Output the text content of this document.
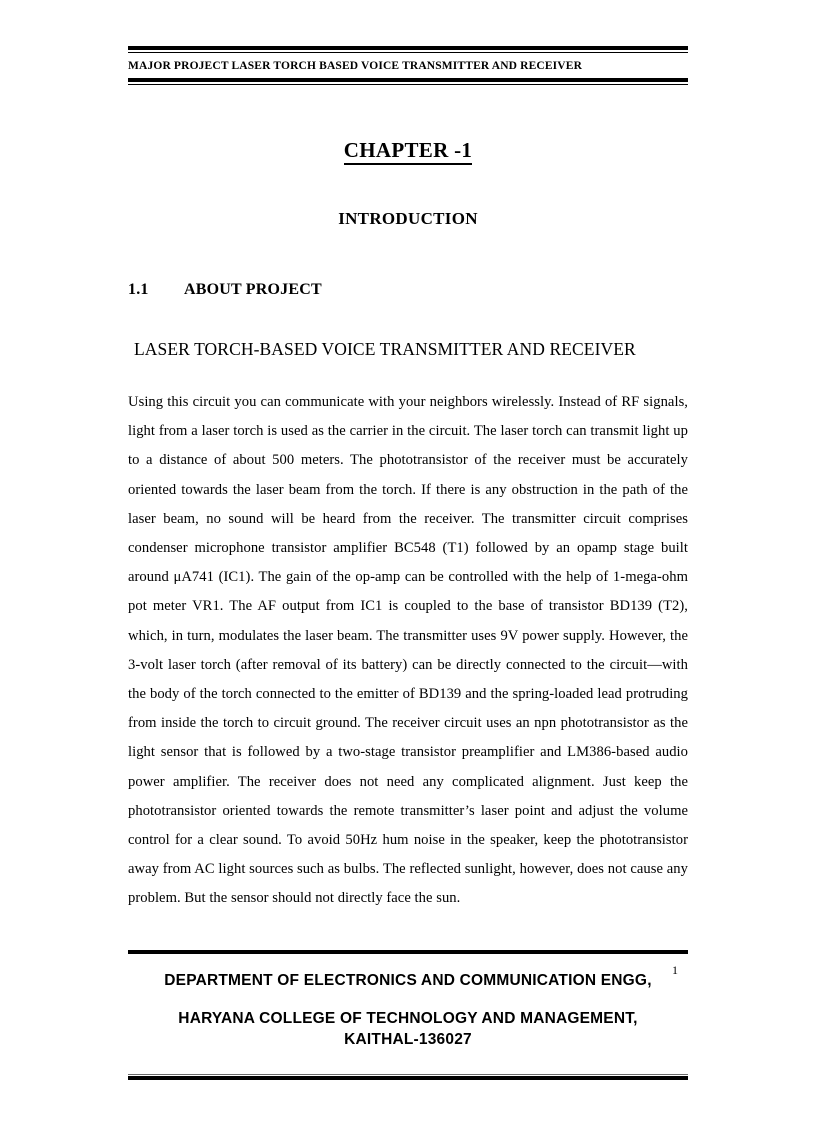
MAJOR PROJECT LASER TORCH BASED VOICE TRANSMITTER AND RECEIVER
CHAPTER -1
INTRODUCTION
1.1	ABOUT PROJECT
LASER TORCH-BASED VOICE TRANSMITTER AND RECEIVER
Using this circuit you can communicate with your neighbors wirelessly. Instead of RF signals, light from a laser torch is used as the carrier in the circuit. The laser torch can transmit light up to a distance of about 500 meters. The phototransistor of the receiver must be accurately oriented towards the laser beam from the torch. If there is any obstruction in the path of the laser beam, no sound will be heard from the receiver. The transmitter circuit comprises condenser microphone transistor amplifier BC548 (T1) followed by an opamp stage built around μA741 (IC1). The gain of the op-amp can be controlled with the help of 1-mega-ohm pot meter VR1. The AF output from IC1 is coupled to the base of transistor BD139 (T2), which, in turn, modulates the laser beam. The transmitter uses 9V power supply. However, the 3-volt laser torch (after removal of its battery) can be directly connected to the circuit—with the body of the torch connected to the emitter of BD139 and the spring-loaded lead protruding from inside the torch to circuit ground. The receiver circuit uses an npn phototransistor as the light sensor that is followed by a two-stage transistor preamplifier and LM386-based audio power amplifier. The receiver does not need any complicated alignment. Just keep the phototransistor oriented towards the remote transmitter’s laser point and adjust the volume control for a clear sound. To avoid 50Hz hum noise in the speaker, keep the phototransistor away from AC light sources such as bulbs. The reflected sunlight, however, does not cause any problem. But the sensor should not directly face the sun.
DEPARTMENT OF ELECTRONICS AND COMMUNICATION ENGG,
HARYANA COLLEGE OF TECHNOLOGY AND MANAGEMENT,
KAITHAL-136027
1
